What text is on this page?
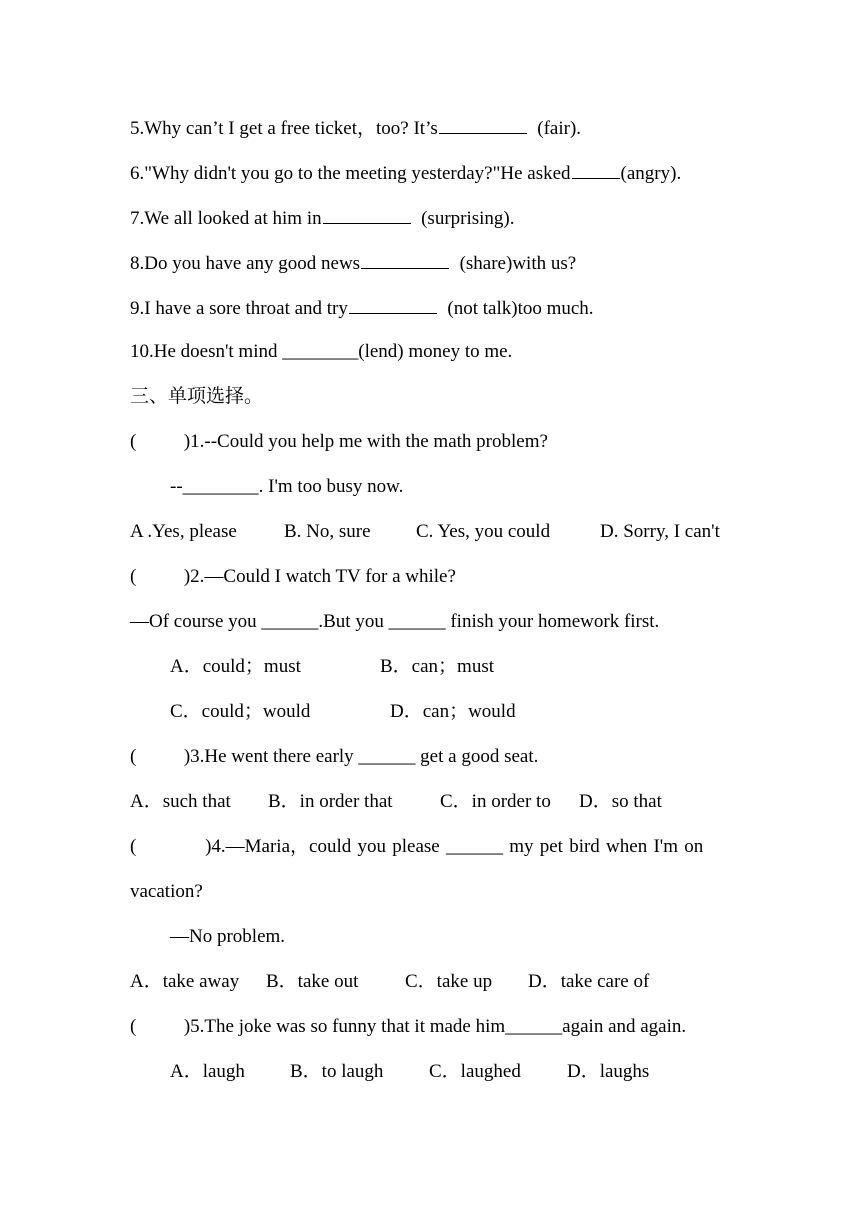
5.Why can’t I get a free ticket，too? It’s	(fair).
6."Why didn't you go to the meeting yesterday?"He asked	(angry).
7.We all looked at him in	(surprising).
8.Do you have any good news	(share)with us?
9.I have a sore throat and try	(not talk)too much.
10.He doesn't mind ________(lend) money to me.
三、单项选择。
(          )1.--Could you help me with the math problem?
--________. I'm too busy now.

A .Yes, please

B. No, sure

C. Yes, you could

	D. Sorry, I can't

(          )2.—Could I watch TV for a while?
—Of course you ______.But you ______ finish your homework first.

A．could；must

	B．can；must

C．could；would

	D．can；would

(          )3.He went there early ______ get a good seat.

A．such that

B．in order that

C．in order to

D．so that

(           )4.—Maria，could you please ______ my pet bird when I'm on
vacation?
—No problem.

A．take away

B．take out

C．take up

D．take care of

(          )5.The joke was so funny that it made him______again and again.

A．laugh

B．to laugh

C．laughed

D．laughs
